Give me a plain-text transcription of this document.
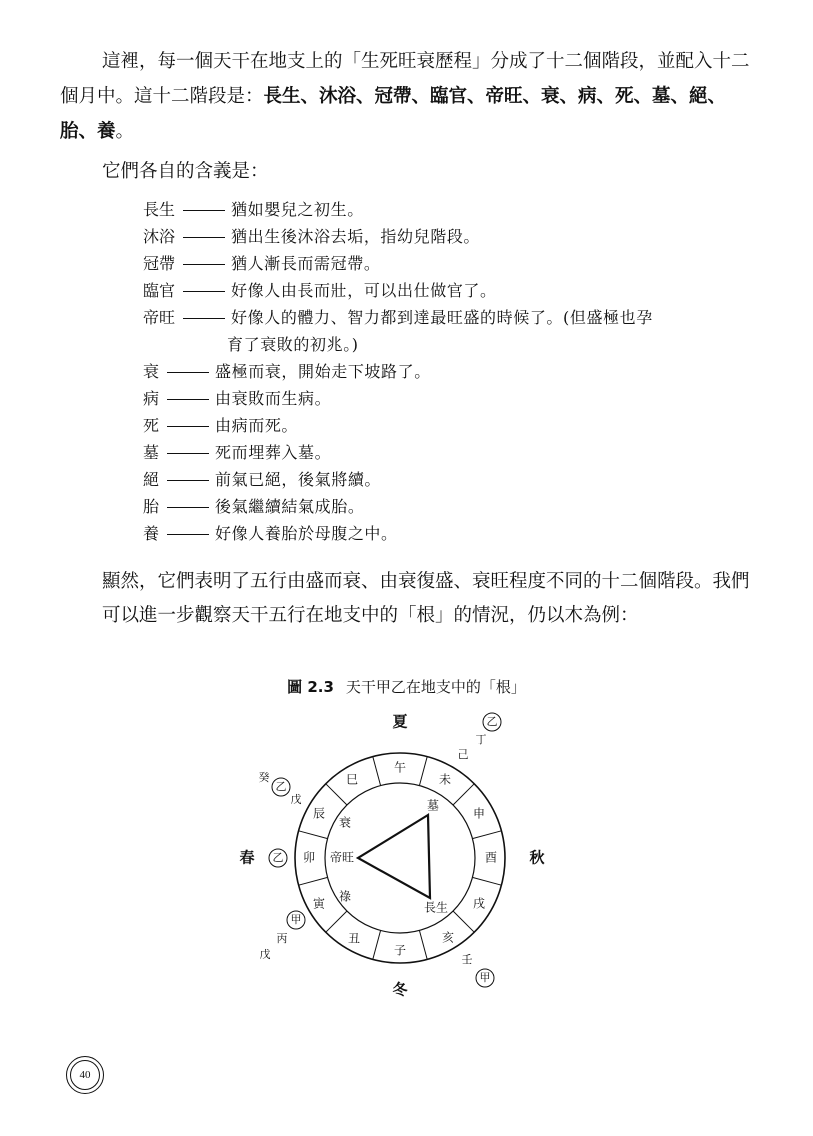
這裡，每一個天干在地支上的「生死旺衰歷程」分成了十二個階段，並配入十二個月中。這十二階段是：長生、沐浴、冠帶、臨官、帝旺、衰、病、死、墓、絕、胎、養。

它們各自的含義是：

長生	猶如嬰兒之初生。
沐浴	猶出生後沐浴去垢，指幼兒階段。
冠帶	猶人漸長而需冠帶。
臨官	好像人由長而壯，可以出仕做官了。
帝旺	好像人的體力、智力都到達最旺盛的時候了。(但盛極也孕
育了衰敗的初兆。)
衰	盛極而衰，開始走下坡路了。
病	由衰敗而生病。
死	由病而死。
墓	死而埋葬入墓。
絕	前氣已絕，後氣將續。
胎	後氣繼續結氣成胎。
養	好像人養胎於母腹之中。

顯然，它們表明了五行由盛而衰、由衰復盛、衰旺程度不同的十二個階段。我們可以進一步觀察天干五行在地支中的「根」的情況，仍以木為例：

圖 2.3 天干甲乙在地支中的「根」
午
未
申
酉
戌
亥
子
丑
寅
卯
辰
巳
墓
衰
帝旺
祿
長生
夏
秋
冬
春
乙
丁
己
癸
乙
戊
乙
甲
丙
戊	壬
甲
40
